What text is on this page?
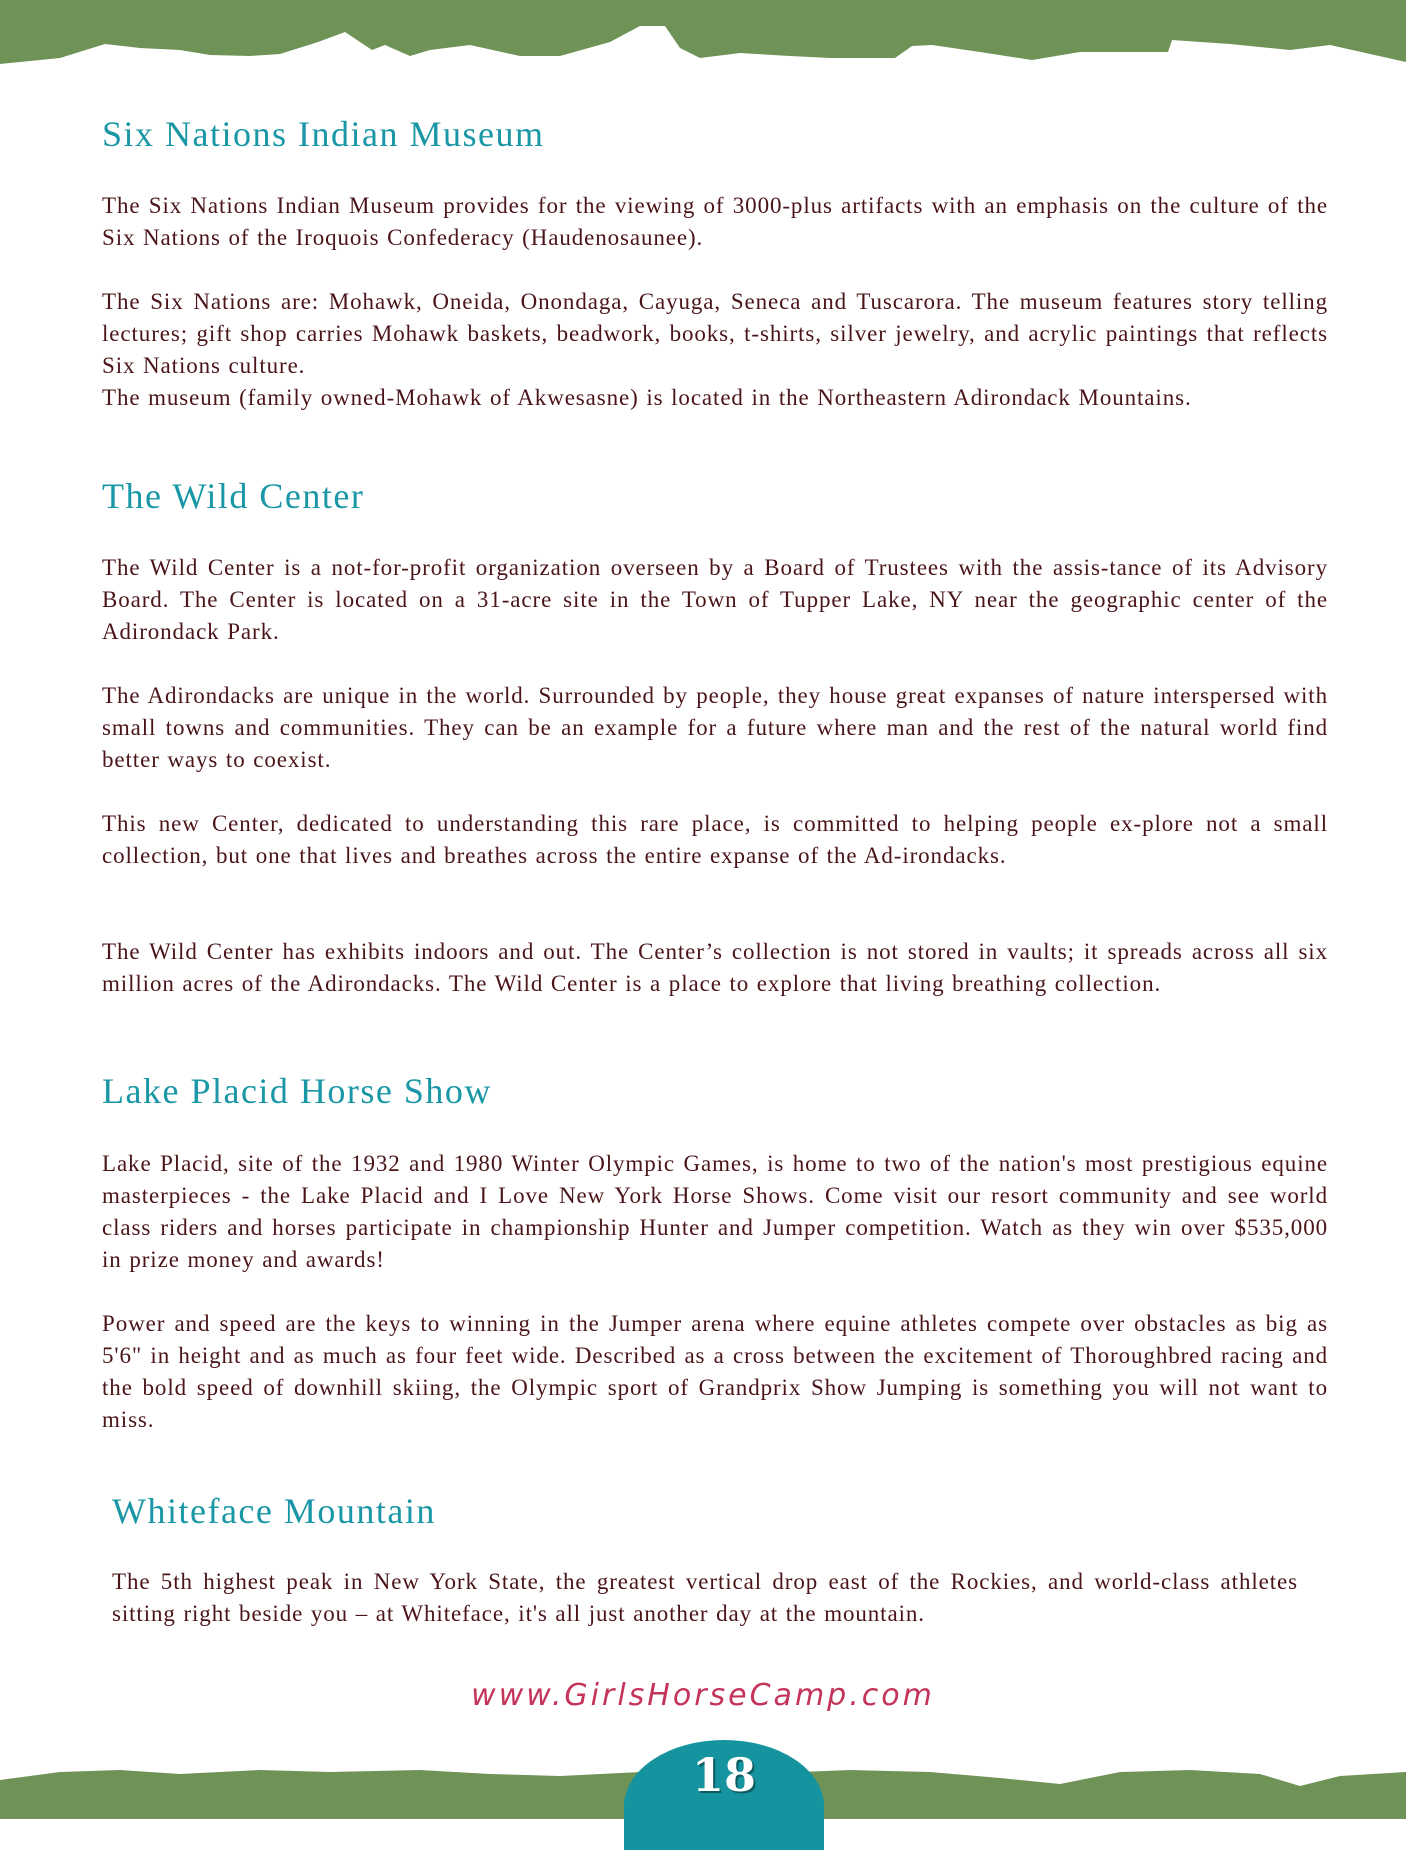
Six Nations Indian Museum

The Six Nations Indian Museum provides for the viewing of 3000-plus artifacts with an emphasis on the culture of the Six Nations of the Iroquois Confederacy (Haudenosaunee).

The Six Nations are: Mohawk, Oneida, Onondaga, Cayuga, Seneca and Tuscarora. The museum features story telling lectures; gift shop carries Mohawk baskets, beadwork, books, t-shirts, silver jewelry, and acrylic paintings that reflects Six Nations culture.

The museum (family owned-Mohawk of Akwesasne) is located in the Northeastern Adirondack Mountains.

The Wild Center

The Wild Center is a not-for-profit organization overseen by a Board of Trustees with the assis-tance of its Advisory Board. The Center is located on a 31-acre site in the Town of Tupper Lake, NY near the geographic center of the Adirondack Park.

The Adirondacks are unique in the world. Surrounded by people, they house great expanses of nature interspersed with small towns and communities. They can be an example for a future where man and the rest of the natural world find better ways to coexist.

This new Center, dedicated to understanding this rare place, is committed to helping people ex-plore not a small collection, but one that lives and breathes across the entire expanse of the Ad-irondacks.

The Wild Center has exhibits indoors and out. The Center’s collection is not stored in vaults; it spreads across all six million acres of the Adirondacks. The Wild Center is a place to explore that living breathing collection.

Lake Placid Horse Show

Lake Placid, site of the 1932 and 1980 Winter Olympic Games, is home to two of the nation's most prestigious equine masterpieces - the Lake Placid and I Love New York Horse Shows. Come visit our resort community and see world class riders and horses participate in championship Hunter and Jumper competition. Watch as they win over $535,000 in prize money and awards!

Power and speed are the keys to winning in the Jumper arena where equine athletes compete over obstacles as big as 5'6" in height and as much as four feet wide. Described as a cross between the excitement of Thoroughbred racing and the bold speed of downhill skiing, the Olympic sport of Grandprix Show Jumping is something you will not want to miss.

Whiteface Mountain

The 5th highest peak in New York State, the greatest vertical drop east of the Rockies, and world-class athletes sitting right beside you – at Whiteface, it's all just another day at the mountain.

www.GirlsHorseCamp.com
18
